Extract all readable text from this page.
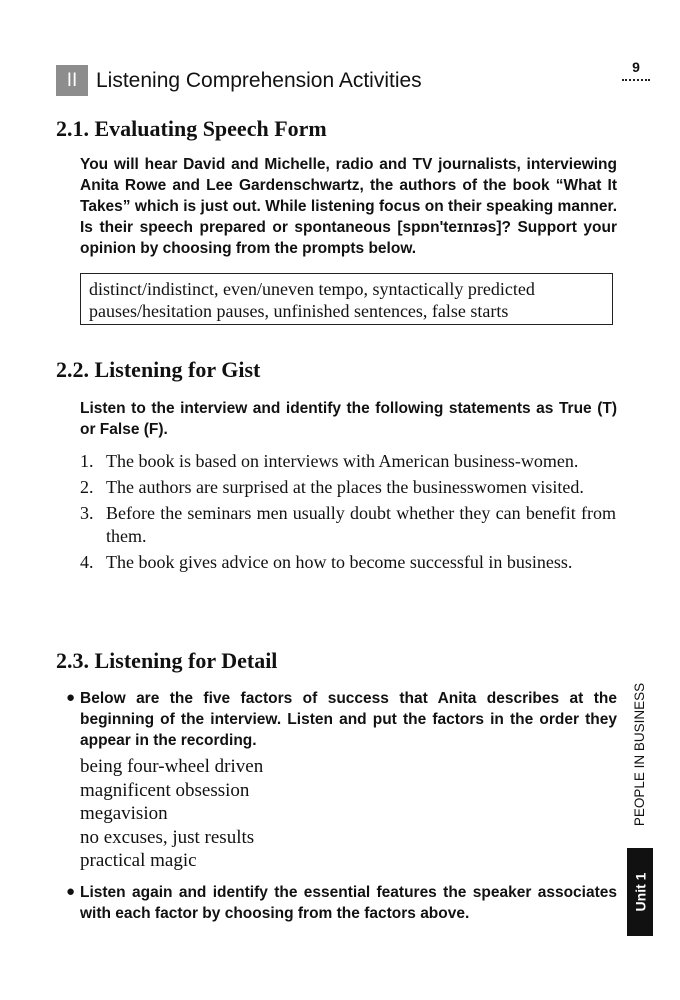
9
II Listening Comprehension Activities
2.1. Evaluating Speech Form

You will hear David and Michelle, radio and TV journalists, interviewing Anita Rowe and Lee Gardenschwartz, the authors of the book “What It Takes” which is just out. While listening focus on their speaking manner. Is their speech prepared or spontaneous [spɒn'teɪnɪəs]? Support your opinion by choosing from the prompts below.

distinct/indistinct, even/uneven tempo, syntactically predicted pauses/hesitation pauses, unfinished sentences, false starts
2.2. Listening for Gist

Listen to the interview and identify the following statements as True (T) or False (F).

1. The book is based on interviews with American business-women.
2. The authors are surprised at the places the businesswomen visited.
3. Before the seminars men usually doubt whether they can benefit from them.
4. The book gives advice on how to become successful in business.
2.3. Listening for Detail
● Below are the five factors of success that Anita describes at the beginning of the interview. Listen and put the factors in the order they appear in the recording.

being four-wheel driven
magnificent obsession
megavision
no excuses, just results
practical magic
● Listen again and identify the essential features the speaker associates with each factor by choosing from the factors above.

PEOPLE IN BUSINESS
Unit 1
